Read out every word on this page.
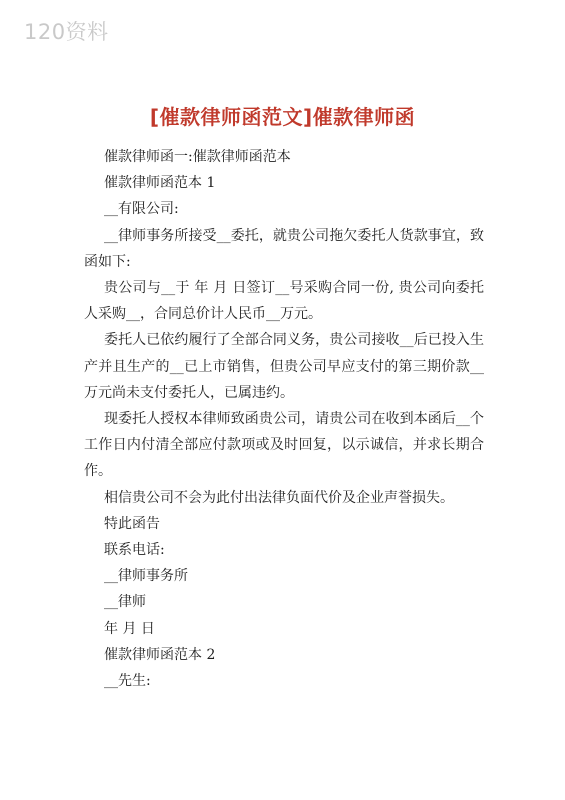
120资料
[催款律师函范文]催款律师函

催款律师函一:催款律师函范本

催款律师函范本 1

__有限公司:

__律师事务所接受__委托，就贵公司拖欠委托人货款事宜，致函如下:

贵公司与__于 年 月 日签订__号采购合同一份, 贵公司向委托人采购__，合同总价计人民币__万元。

委托人已依约履行了全部合同义务，贵公司接收__后已投入生产并且生产的__已上市销售，但贵公司早应支付的第三期价款__万元尚未支付委托人，已属违约。

现委托人授权本律师致函贵公司，请贵公司在收到本函后__个工作日内付清全部应付款项或及时回复，以示诚信，并求长期合作。

相信贵公司不会为此付出法律负面代价及企业声誉损失。

特此函告

联系电话:

__律师事务所

__律师

年 月 日

催款律师函范本 2

__先生:
